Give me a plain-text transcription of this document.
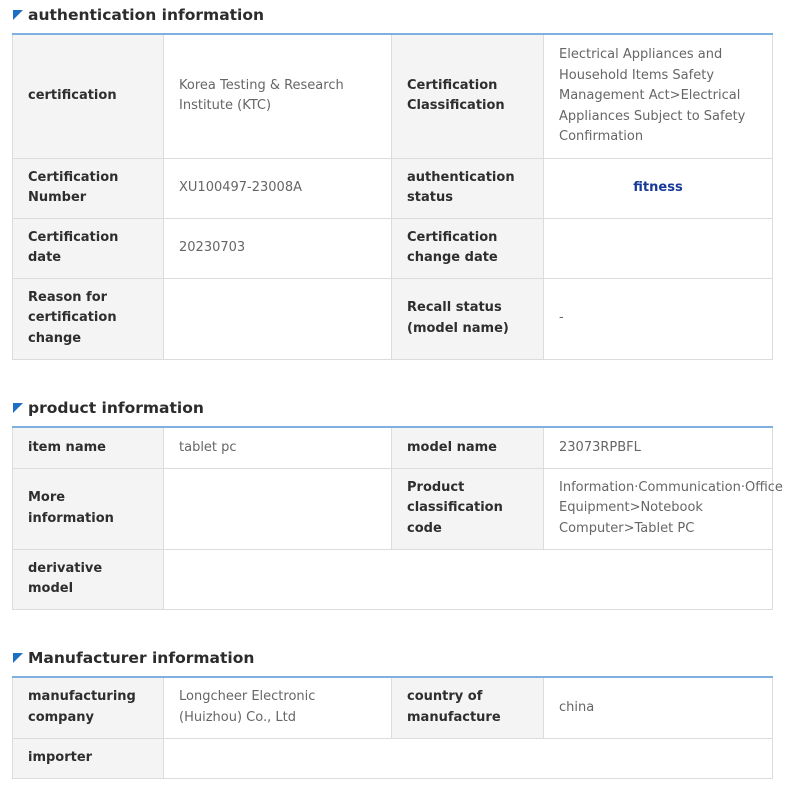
authentication information
certification	Korea Testing & Research Institute (KTC)	Certification Classification	Electrical Appliances and Household Items Safety Management Act>Electrical Appliances Subject to Safety Confirmation
Certification Number	XU100497-23008A	authentication status	fitness
Certification date	20230703	Certification change date	
Reason for certification change		Recall status (model name)	-
product information
item name	tablet pc	model name	23073RPBFL
More information		Product classification code	Information·Communication·Office Equipment>Notebook Computer>Tablet PC
derivative model			
Manufacturer information
manufacturing company	Longcheer Electronic (Huizhou) Co., Ltd	country of manufacture	china
importer			
